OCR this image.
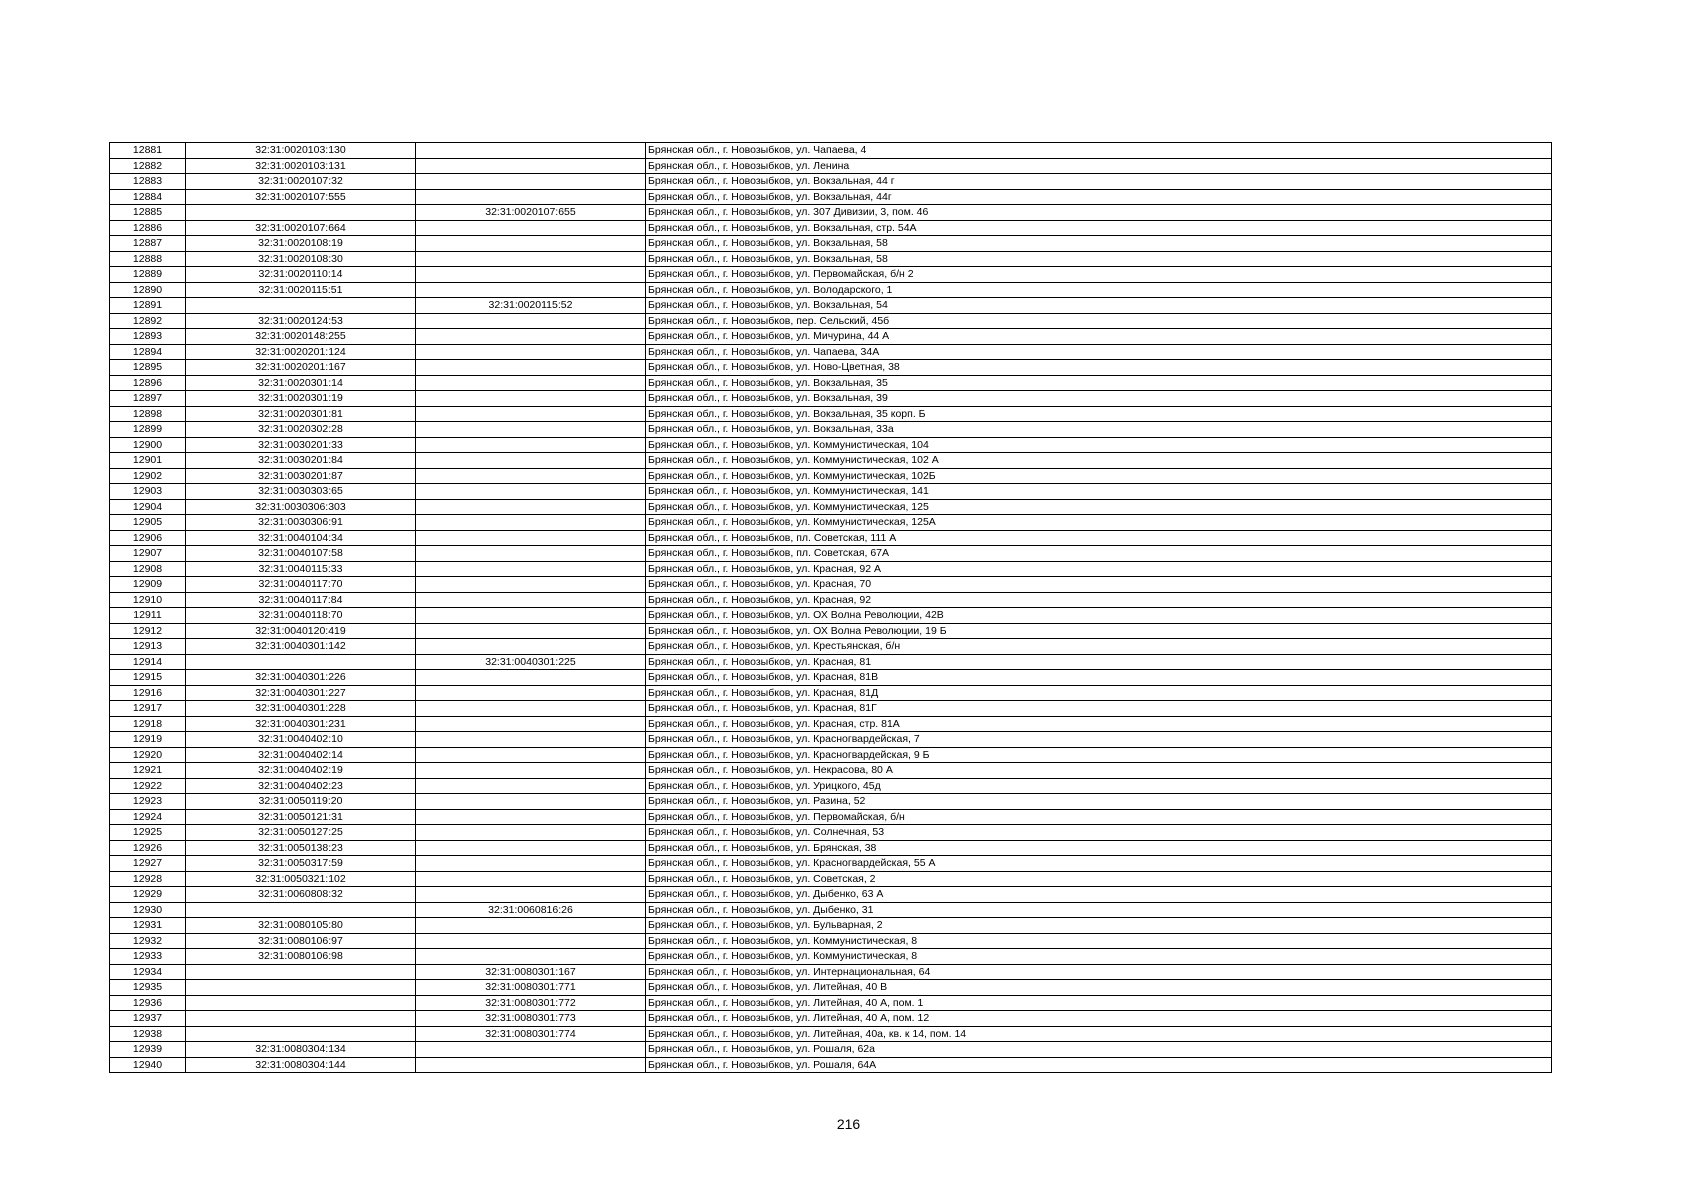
12881	32:31:0020103:130		Брянская обл., г. Новозыбков, ул. Чапаева, 4
12882	32:31:0020103:131		Брянская обл., г. Новозыбков, ул. Ленина
12883	32:31:0020107:32		Брянская обл., г. Новозыбков, ул. Вокзальная, 44 г
12884	32:31:0020107:555		Брянская обл., г. Новозыбков, ул. Вокзальная, 44г
12885		32:31:0020107:655	Брянская обл., г. Новозыбков, ул. 307 Дивизии, 3, пом. 46
12886	32:31:0020107:664		Брянская обл., г. Новозыбков, ул. Вокзальная, стр. 54А
12887	32:31:0020108:19		Брянская обл., г. Новозыбков, ул. Вокзальная, 58
12888	32:31:0020108:30		Брянская обл., г. Новозыбков, ул. Вокзальная, 58
12889	32:31:0020110:14		Брянская обл., г. Новозыбков, ул. Первомайская, б/н 2
12890	32:31:0020115:51		Брянская обл., г. Новозыбков, ул. Володарского, 1
12891		32:31:0020115:52	Брянская обл., г. Новозыбков, ул. Вокзальная, 54
12892	32:31:0020124:53		Брянская обл., г. Новозыбков, пер. Сельский, 45б
12893	32:31:0020148:255		Брянская обл., г. Новозыбков, ул. Мичурина, 44 А
12894	32:31:0020201:124		Брянская обл., г. Новозыбков, ул. Чапаева, 34А
12895	32:31:0020201:167		Брянская обл., г. Новозыбков, ул. Ново-Цветная, 38
12896	32:31:0020301:14		Брянская обл., г. Новозыбков, ул. Вокзальная, 35
12897	32:31:0020301:19		Брянская обл., г. Новозыбков, ул. Вокзальная, 39
12898	32:31:0020301:81		Брянская обл., г. Новозыбков, ул. Вокзальная, 35 корп. Б
12899	32:31:0020302:28		Брянская обл., г. Новозыбков, ул. Вокзальная, 33а
12900	32:31:0030201:33		Брянская обл., г. Новозыбков, ул. Коммунистическая, 104
12901	32:31:0030201:84		Брянская обл., г. Новозыбков, ул. Коммунистическая, 102 А
12902	32:31:0030201:87		Брянская обл., г. Новозыбков, ул. Коммунистическая, 102Б
12903	32:31:0030303:65		Брянская обл., г. Новозыбков, ул. Коммунистическая, 141
12904	32:31:0030306:303		Брянская обл., г. Новозыбков, ул. Коммунистическая, 125
12905	32:31:0030306:91		Брянская обл., г. Новозыбков, ул. Коммунистическая, 125А
12906	32:31:0040104:34		Брянская обл., г. Новозыбков, пл. Советская, 111 А
12907	32:31:0040107:58		Брянская обл., г. Новозыбков, пл. Советская, 67А
12908	32:31:0040115:33		Брянская обл., г. Новозыбков, ул. Красная, 92 А
12909	32:31:0040117:70		Брянская обл., г. Новозыбков, ул. Красная, 70
12910	32:31:0040117:84		Брянская обл., г. Новозыбков, ул. Красная, 92
12911	32:31:0040118:70		Брянская обл., г. Новозыбков, ул. ОХ Волна Революции, 42В
12912	32:31:0040120:419		Брянская обл., г. Новозыбков, ул. ОХ Волна Революции, 19 Б
12913	32:31:0040301:142		Брянская обл., г. Новозыбков, ул. Крестьянская, б/н
12914		32:31:0040301:225	Брянская обл., г. Новозыбков, ул. Красная, 81
12915	32:31:0040301:226		Брянская обл., г. Новозыбков, ул. Красная, 81В
12916	32:31:0040301:227		Брянская обл., г. Новозыбков, ул. Красная, 81Д
12917	32:31:0040301:228		Брянская обл., г. Новозыбков, ул. Красная, 81Г
12918	32:31:0040301:231		Брянская обл., г. Новозыбков, ул. Красная, стр. 81А
12919	32:31:0040402:10		Брянская обл., г. Новозыбков, ул. Красногвардейская, 7
12920	32:31:0040402:14		Брянская обл., г. Новозыбков, ул. Красногвардейская, 9 Б
12921	32:31:0040402:19		Брянская обл., г. Новозыбков, ул. Некрасова, 80 А
12922	32:31:0040402:23		Брянская обл., г. Новозыбков, ул. Урицкого, 45д
12923	32:31:0050119:20		Брянская обл., г. Новозыбков, ул. Разина, 52
12924	32:31:0050121:31		Брянская обл., г. Новозыбков, ул. Первомайская, б/н
12925	32:31:0050127:25		Брянская обл., г. Новозыбков, ул. Солнечная, 53
12926	32:31:0050138:23		Брянская обл., г. Новозыбков, ул. Брянская, 38
12927	32:31:0050317:59		Брянская обл., г. Новозыбков, ул. Красногвардейская, 55 А
12928	32:31:0050321:102		Брянская обл., г. Новозыбков, ул. Советская, 2
12929	32:31:0060808:32		Брянская обл., г. Новозыбков, ул. Дыбенко, 63 А
12930		32:31:0060816:26	Брянская обл., г. Новозыбков, ул. Дыбенко, 31
12931	32:31:0080105:80		Брянская обл., г. Новозыбков, ул. Бульварная, 2
12932	32:31:0080106:97		Брянская обл., г. Новозыбков, ул. Коммунистическая, 8
12933	32:31:0080106:98		Брянская обл., г. Новозыбков, ул. Коммунистическая, 8
12934		32:31:0080301:167	Брянская обл., г. Новозыбков, ул. Интернациональная, 64
12935		32:31:0080301:771	Брянская обл., г. Новозыбков, ул. Литейная, 40 В
12936		32:31:0080301:772	Брянская обл., г. Новозыбков, ул. Литейная, 40 А, пом. 1
12937		32:31:0080301:773	Брянская обл., г. Новозыбков, ул. Литейная, 40 А, пом. 12
12938		32:31:0080301:774	Брянская обл., г. Новозыбков, ул. Литейная, 40а, кв. к 14, пом. 14
12939	32:31:0080304:134		Брянская обл., г. Новозыбков, ул. Рошаля, 62а
12940	32:31:0080304:144		Брянская обл., г. Новозыбков, ул. Рошаля, 64А
216
